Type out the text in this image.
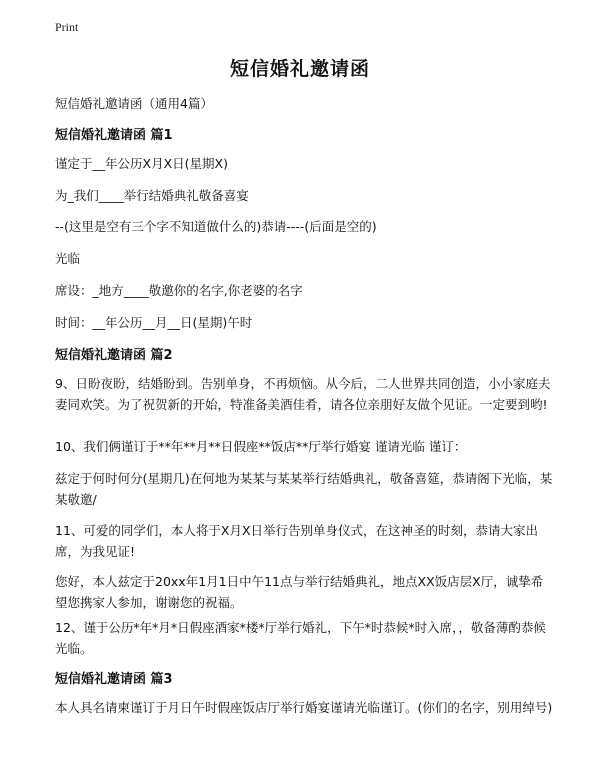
Print
短信婚礼邀请函
短信婚礼邀请函（通用4篇）
短信婚礼邀请函 篇1
谨定于__年公历X月X日(星期X)
为_我们____举行结婚典礼敬备喜宴
--(这里是空有三个字不知道做什么的)恭请----(后面是空的)
光临
席设：_地方____敬邀你的名字,你老婆的名字
时间：__年公历__月__日(星期)午时
短信婚礼邀请函 篇2
9、日盼夜盼，结婚盼到。告别单身，不再烦恼。从今后，二人世界共同创造，小小家庭夫妻同欢笑。为了祝贺新的开始，特准备美酒佳肴，请各位亲朋好友做个见证。一定要到哟!
10、我们俩谨订于**年**月**日假座**饭店**厅举行婚宴 谨请光临 谨订：
兹定于何时何分(星期几)在何地为某某与某某举行结婚典礼，敬备喜筵，恭请阁下光临，某某敬邀/
11、可爱的同学们，本人将于X月X日举行告别单身仪式，在这神圣的时刻，恭请大家出席，为我见证!
您好，本人兹定于20xx年1月1日中午11点与举行结婚典礼，地点XX饭店层X厅，诚挚希望您携家人参加，谢谢您的祝福。
12、谨于公历*年*月*日假座酒家*楼*厅举行婚礼，下午*时恭候*时入席，，敬备薄酌恭候光临。
短信婚礼邀请函 篇3
本人具名请柬谨订于月日午时假座饭店厅举行婚宴谨请光临谨订。(你们的名字，别用绰号)
